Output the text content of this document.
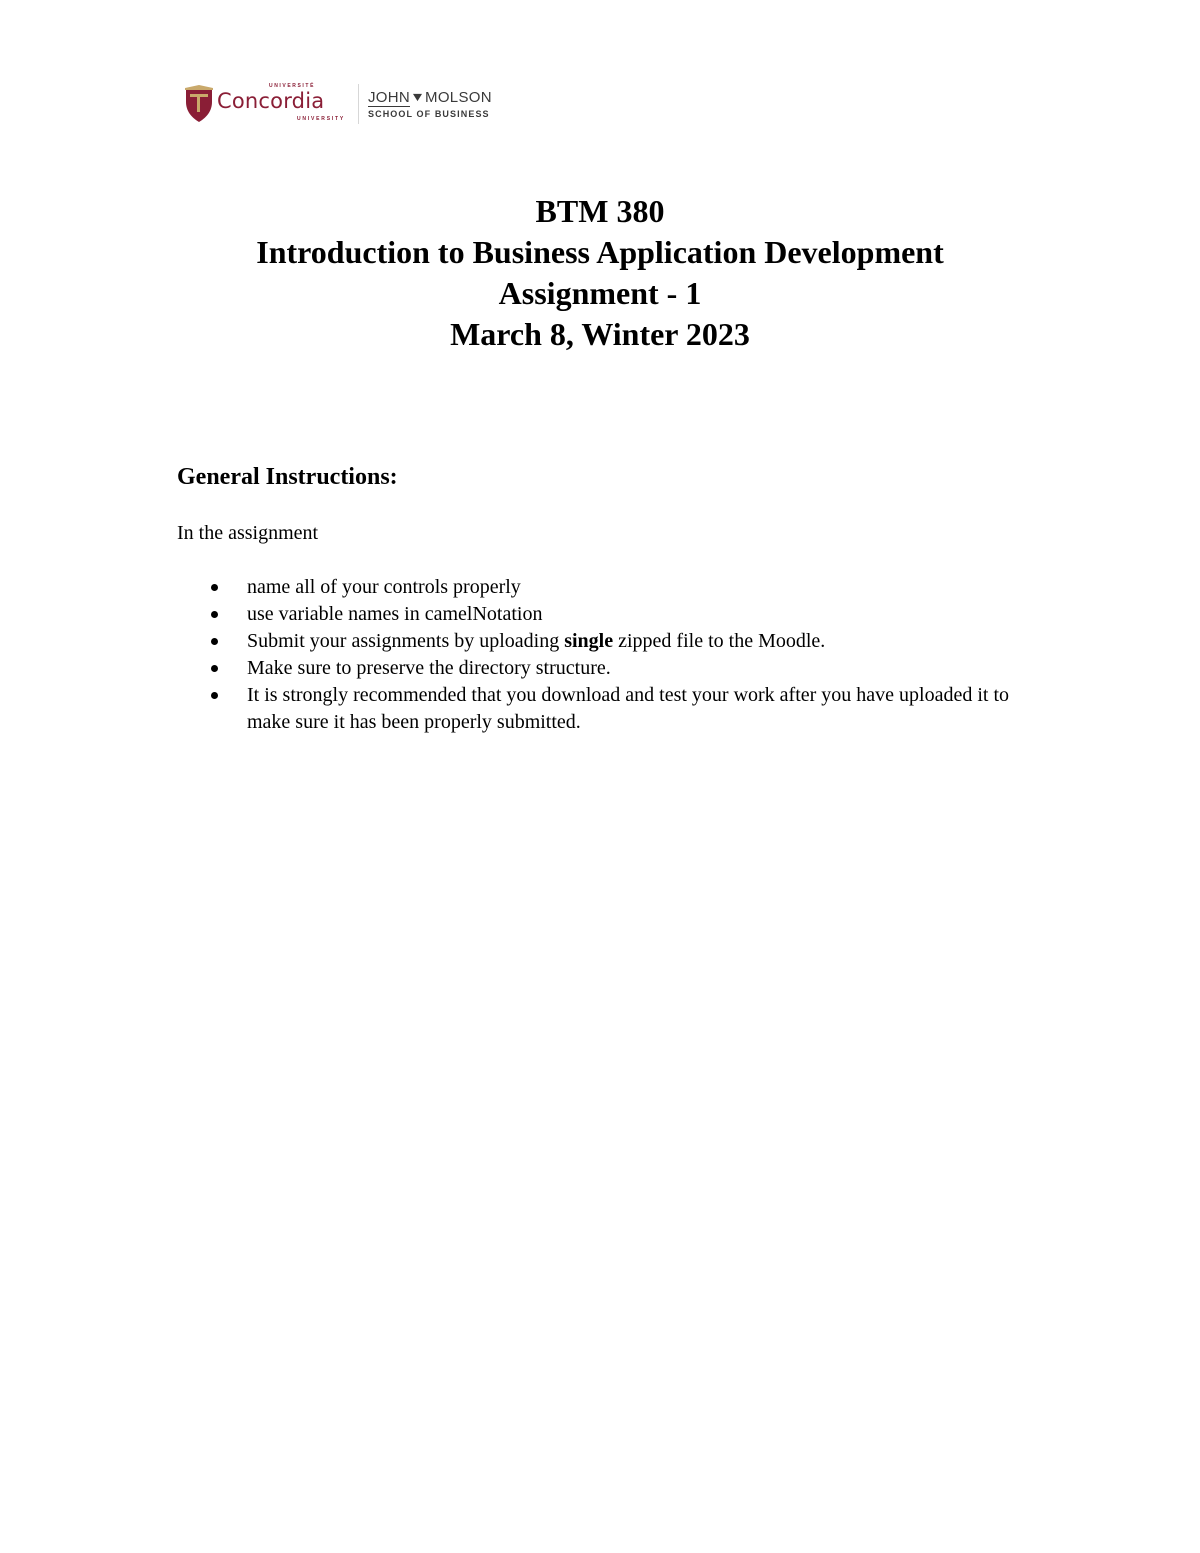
UNIVERSITÉ
Concordia
UNIVERSITY
JOHN MOLSON
SCHOOL OF BUSINESS
BTM 380
Introduction to Business Application Development
Assignment - 1
March 8, Winter 2023
General Instructions:

In the assignment

name all of your controls properly
use variable names in camelNotation
Submit your assignments by uploading single zipped file to the Moodle.
Make sure to preserve the directory structure.
It is strongly recommended that you download and test your work after you have uploaded it to make sure it has been properly submitted.
